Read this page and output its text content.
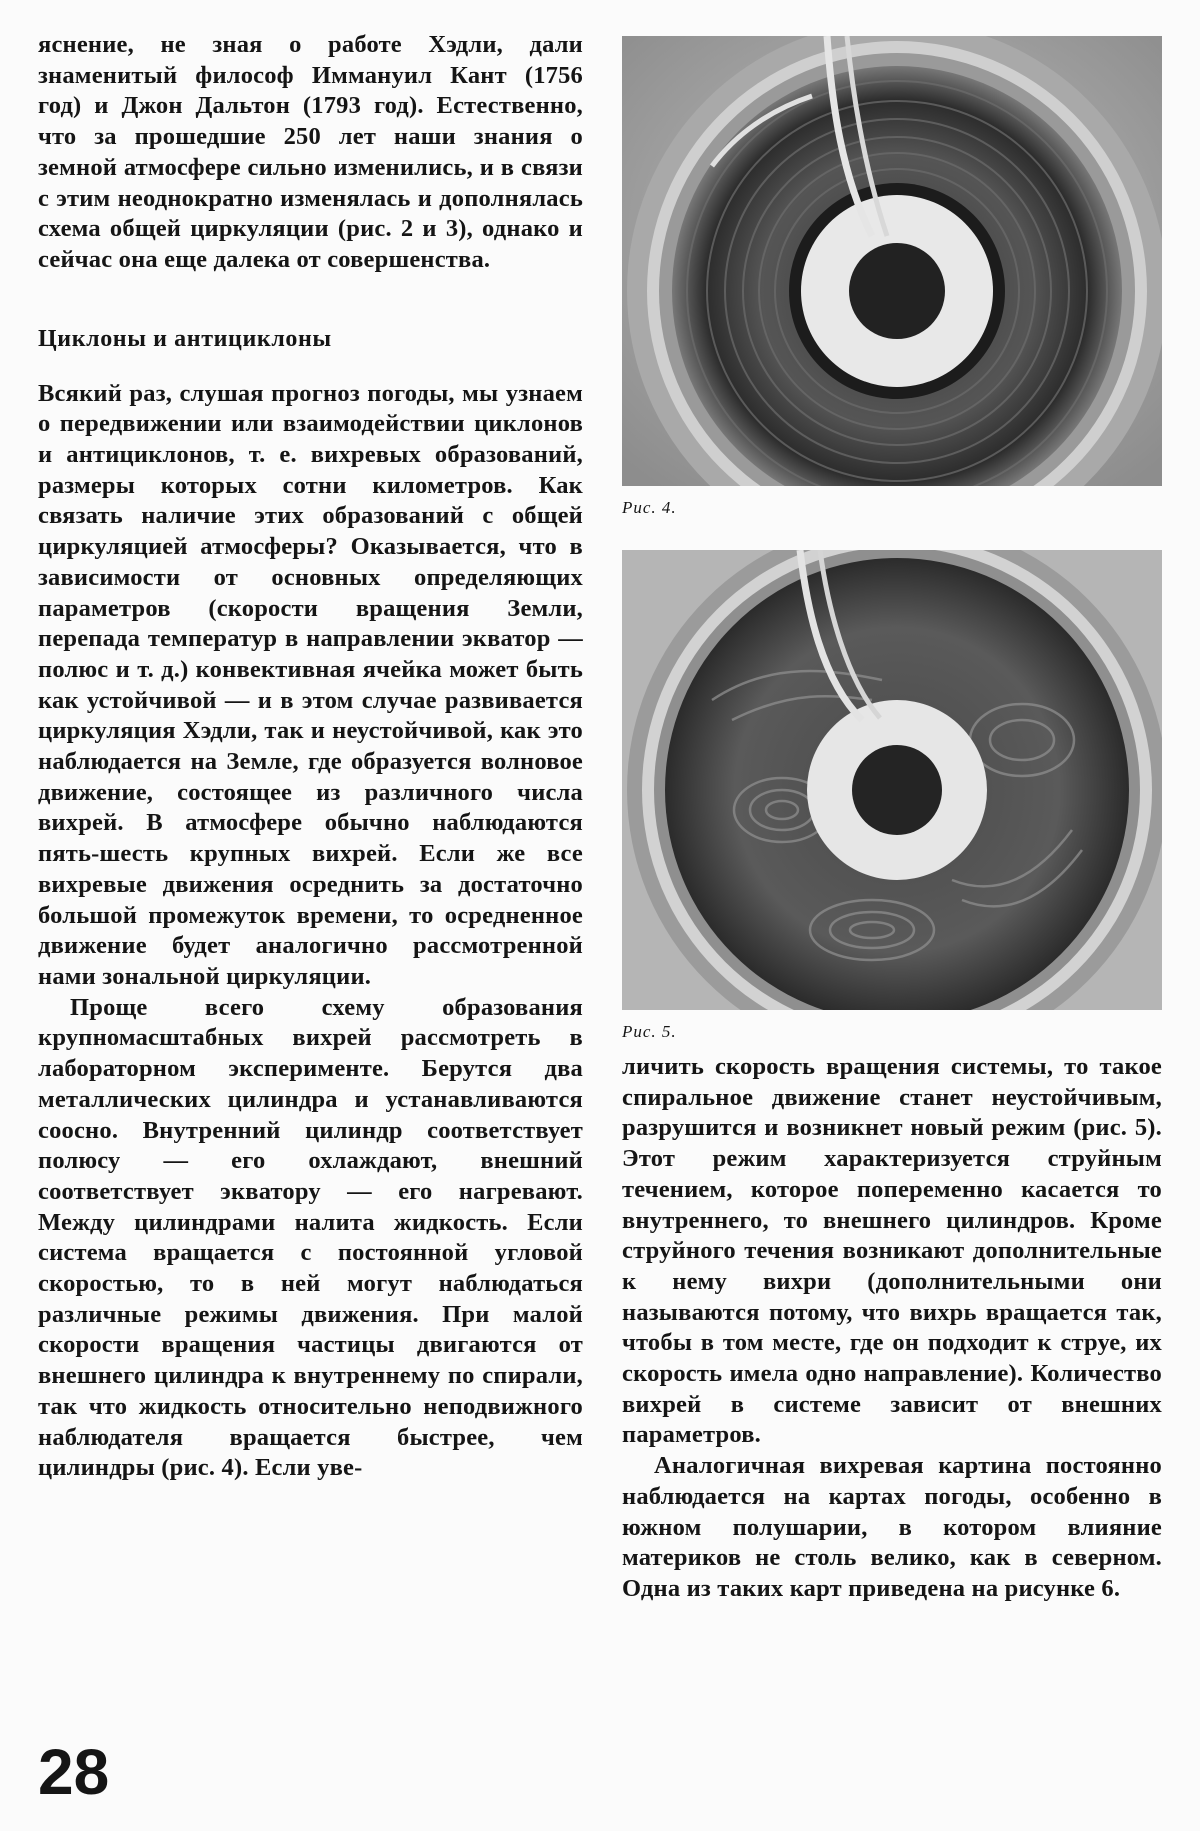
яснение, не зная о работе Хэдли, дали знаменитый философ Иммануил Кант (1756 год) и Джон Дальтон (1793 год). Естественно, что за прошедшие 250 лет наши знания о земной атмосфере сильно изменились, и в связи с этим неоднократно изменялась и дополнялась схема общей циркуляции (рис. 2 и 3), однако и сейчас она еще далека от совершенства.

Циклоны и антициклоны

Всякий раз, слушая прогноз погоды, мы узнаем о передвижении или взаимодействии циклонов и антициклонов, т. е. вихревых образований, размеры которых сотни километров. Как связать наличие этих образований с общей циркуляцией атмосферы? Оказывается, что в зависимости от основных определяющих параметров (скорости вращения Земли, перепада температур в направлении экватор — полюс и т. д.) конвективная ячейка может быть как устойчивой — и в этом случае развивается циркуляция Хэдли, так и неустойчивой, как это наблюдается на Земле, где образуется волновое движение, состоящее из различного числа вихрей. В атмосфере обычно наблюдаются пять-шесть крупных вихрей. Если же все вихревые движения осреднить за достаточно большой промежуток времени, то осредненное движение будет аналогично рассмотренной нами зональной циркуляции.

Проще всего схему образования крупномасштабных вихрей рассмотреть в лабораторном эксперименте. Берутся два металлических цилиндра и устанавливаются соосно. Внутренний цилиндр соответствует полюсу — его охлаждают, внешний соответствует экватору — его нагревают. Между цилиндрами налита жидкость. Если система вращается с постоянной угловой скоростью, то в ней могут наблюдаться различные режимы движения. При малой скорости вращения частицы двигаются от внешнего цилиндра к внутреннему по спирали, так что жидкость относительно неподвижного наблюдателя вращается быстрее, чем цилиндры (рис. 4). Если уве-

Рис. 4.
Рис. 5.

личить скорость вращения системы, то такое спиральное движение станет неустойчивым, разрушится и возникнет новый режим (рис. 5). Этот режим характеризуется струйным течением, которое попеременно касается то внутреннего, то внешнего цилиндров. Кроме струйного течения возникают дополнительные к нему вихри (дополнительными они называются потому, что вихрь вращается так, чтобы в том месте, где он подходит к струе, их скорость имела одно направление). Количество вихрей в системе зависит от внешних параметров.

Аналогичная вихревая картина постоянно наблюдается на картах погоды, особенно в южном полушарии, в котором влияние материков не столь велико, как в северном. Одна из таких карт приведена на рисунке 6.

28
